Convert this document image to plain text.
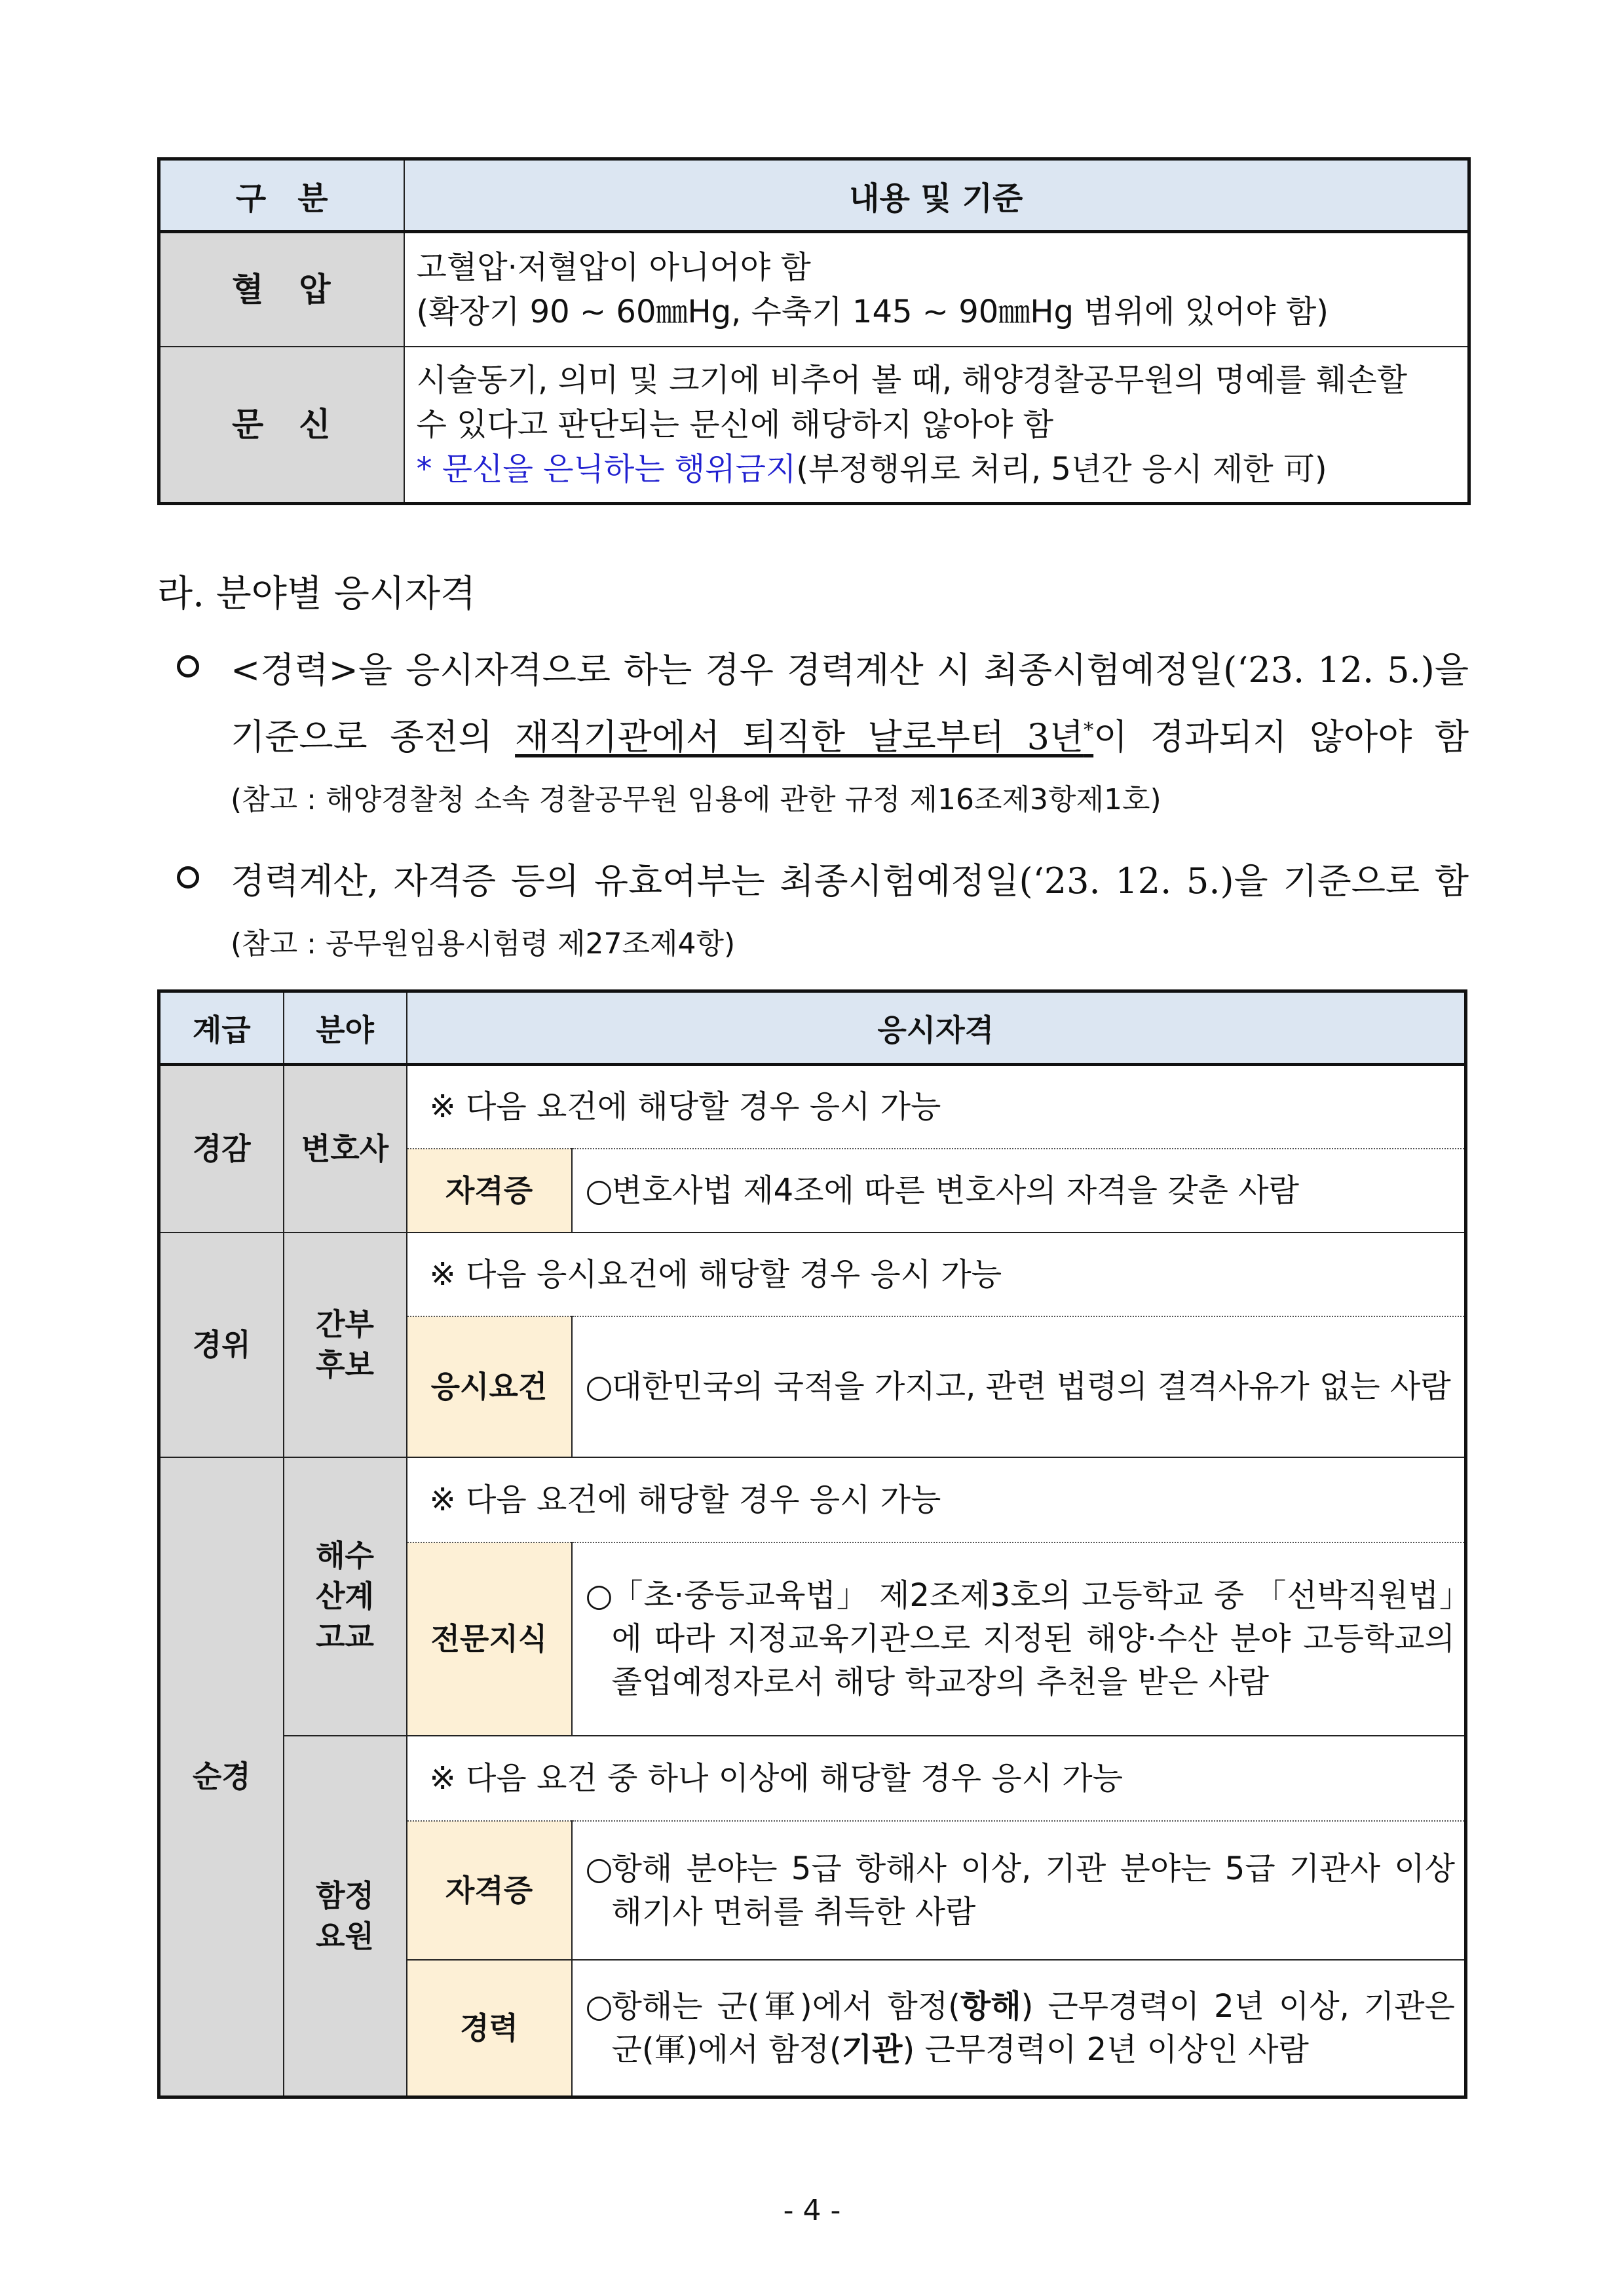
구　분	내용 및 기준
혈　압	고혈압·저혈압이 아니어야 함
(확장기 90 ~ 60㎜Hg, 수축기 145 ~ 90㎜Hg 범위에 있어야 함)

문　신	시술동기, 의미 및 크기에 비추어 볼 때, 해양경찰공무원의 명예를 훼손할
수 있다고 판단되는 문신에 해당하지 않아야 함
* 문신을 은닉하는 행위금지(부정행위로 처리, 5년간 응시 제한 可)
라. 분야별 응시자격
<경력>을 응시자격으로 하는 경우 경력계산 시 최종시험예정일(‘23. 12. 5.)을
기준으로 종전의 재직기관에서 퇴직한 날로부터 3년*이 경과되지 않아야 함
(참고 : 해양경찰청 소속 경찰공무원 임용에 관한 규정 제16조제3항제1호)
경력계산, 자격증 등의 유효여부는 최종시험예정일(‘23. 12. 5.)을 기준으로 함
(참고 : 공무원임용시험령 제27조제4항)
계급	분야	응시자격	
경감	변호사	※ 다음 요건에 해당할 경우 응시 가능	
		자격증	○
변호사법 제4조에 따른 변호사의 자격을 갖춘 사람

경위	간부
후보	※ 다음 응시요건에 해당할 경우 응시 가능	
		응시요건	○
대한민국의 국적을 가지고, 관련 법령의 결격사유가 없는 사람

순경	해수
산계
고교	※ 다음 요건에 해당할 경우 응시 가능	
		전문지식	○
「초·중등교육법」 제2조제3호의 고등학교 중 「선박직원법」에 따라 지정교육기관으로 지정된 해양·수산 분야 고등학교의 졸업예정자로서 해당 학교장의 추천을 받은 사람

	함정
요원	※ 다음 요건 중 하나 이상에 해당할 경우 응시 가능	
		자격증	○
항해 분야는 5급 항해사 이상, 기관 분야는 5급 기관사 이상 해기사 면허를 취득한 사람

		경력	○
항해는 군(軍)에서 함정(항해) 근무경력이 2년 이상, 기관은 군(軍)에서 함정(기관) 근무경력이 2년 이상인 사람
- 4 -
